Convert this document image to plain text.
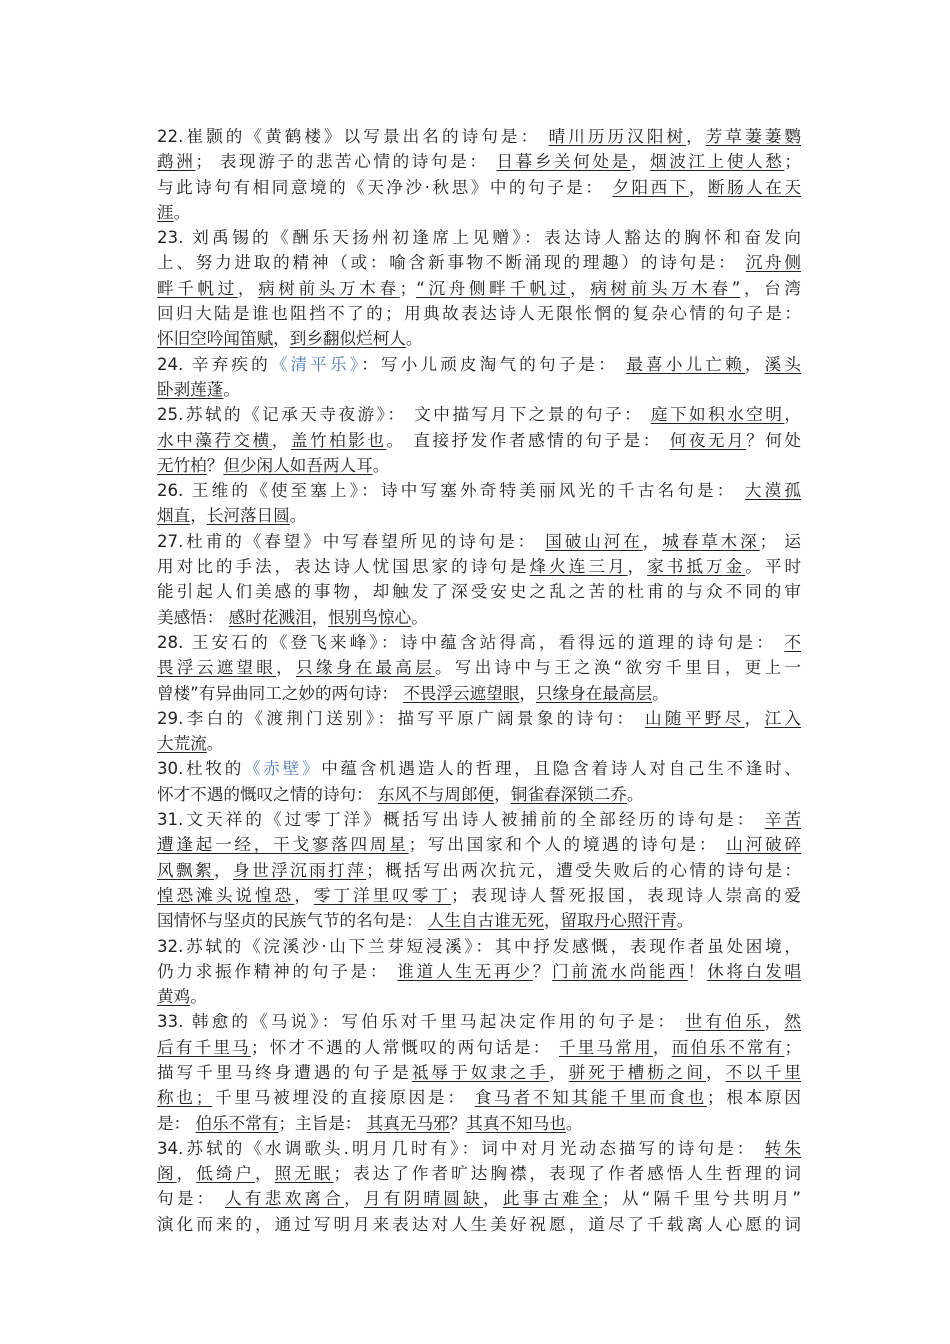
22.崔颢的《黄鹤楼》以写景出名的诗句是： 晴川历历汉阳树，芳草萋萋鹦
鹉洲； 表现游子的悲苦心情的诗句是： 日暮乡关何处是，烟波江上使人愁；
与此诗句有相同意境的《天净沙·秋思》中的句子是： 夕阳西下，断肠人在天
涯。
23. 刘禹锡的《酬乐天扬州初逢席上见赠》：表达诗人豁达的胸怀和奋发向
上、努力进取的精神（或：喻含新事物不断涌现的理趣）的诗句是： 沉舟侧
畔千帆过，病树前头万木春；“沉舟侧畔千帆过，病树前头万木春”，台湾
回归大陆是谁也阻挡不了的；用典故表达诗人无限怅惘的复杂心情的句子是：
怀旧空吟闻笛赋，到乡翻似烂柯人。
24. 辛弃疾的《清平乐》：写小儿顽皮淘气的句子是： 最喜小儿亡赖，溪头
卧剥莲蓬。
25.苏轼的《记承天寺夜游》： 文中描写月下之景的句子： 庭下如积水空明，
水中藻荇交横，盖竹柏影也。 直接抒发作者感情的句子是： 何夜无月？何处
无竹柏？但少闲人如吾两人耳。
26. 王维的《使至塞上》：诗中写塞外奇特美丽风光的千古名句是： 大漠孤
烟直，长河落日圆。
27.杜甫的《春望》中写春望所见的诗句是： 国破山河在，城春草木深； 运
用对比的手法，表达诗人忧国思家的诗句是烽火连三月，家书抵万金。平时
能引起人们美感的事物，却触发了深受安史之乱之苦的杜甫的与众不同的审
美感悟： 感时花溅泪，恨别鸟惊心。
28. 王安石的《登飞来峰》：诗中蕴含站得高，看得远的道理的诗句是： 不
畏浮云遮望眼，只缘身在最高层。写出诗中与王之涣“欲穷千里目，更上一
曾楼”有异曲同工之妙的两句诗： 不畏浮云遮望眼，只缘身在最高层。
29.李白的《渡荆门送别》：描写平原广阔景象的诗句： 山随平野尽，江入
大荒流。
30.杜牧的《赤壁》中蕴含机遇造人的哲理，且隐含着诗人对自己生不逢时、
怀才不遇的慨叹之情的诗句： 东风不与周郎便，铜雀春深锁二乔。
31.文天祥的《过零丁洋》概括写出诗人被捕前的全部经历的诗句是： 辛苦
遭逢起一经，干戈寥落四周星；写出国家和个人的境遇的诗句是： 山河破碎
风飘絮，身世浮沉雨打萍；概括写出两次抗元，遭受失败后的心情的诗句是：
惶恐滩头说惶恐，零丁洋里叹零丁；表现诗人誓死报国，表现诗人崇高的爱
国情怀与坚贞的民族气节的名句是： 人生自古谁无死，留取丹心照汗青。
32.苏轼的《浣溪沙·山下兰芽短浸溪》：其中抒发感慨，表现作者虽处困境，
仍力求振作精神的句子是： 谁道人生无再少？门前流水尚能西！休将白发唱
黄鸡。
33. 韩愈的《马说》：写伯乐对千里马起决定作用的句子是： 世有伯乐，然
后有千里马；怀才不遇的人常慨叹的两句话是： 千里马常用，而伯乐不常有；
描写千里马终身遭遇的句子是祗辱于奴隶之手，骈死于槽枥之间，不以千里
称也；千里马被埋没的直接原因是： 食马者不知其能千里而食也；根本原因
是： 伯乐不常有；主旨是： 其真无马邪？其真不知马也。
34.苏轼的《水调歌头.明月几时有》：词中对月光动态描写的诗句是： 转朱
阁，低绮户，照无眠；表达了作者旷达胸襟，表现了作者感悟人生哲理的词
句是： 人有悲欢离合，月有阴晴圆缺，此事古难全；从“隔千里兮共明月”
演化而来的，通过写明月来表达对人生美好祝愿，道尽了千载离人心愿的词
